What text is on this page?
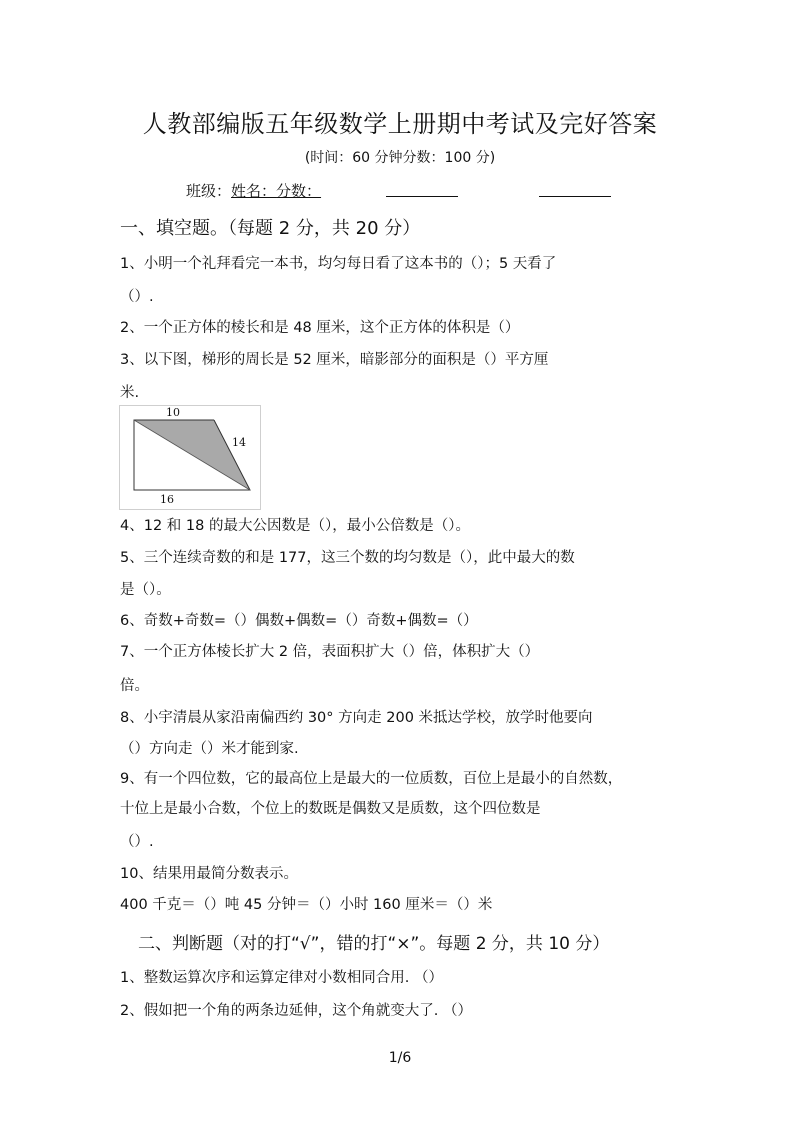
人教部编版五年级数学上册期中考试及完好答案
(时间：60 分钟分数：100 分)
班级：姓名：分数：
一、填空题。（每题 2 分，共 20 分）
1、小明一个礼拜看完一本书，均匀每日看了这本书的（）；5 天看了
（）.
2、一个正方体的棱长和是 48 厘米，这个正方体的体积是（）
3、以下图，梯形的周长是 52 厘米，暗影部分的面积是（）平方厘
米.
10
14
16
4、12 和 18 的最大公因数是（），最小公倍数是（）。
5、三个连续奇数的和是 177，这三个数的均匀数是（），此中最大的数
是（）。
6、奇数+奇数=（）偶数+偶数=（）奇数+偶数=（）
7、一个正方体棱长扩大 2 倍，表面积扩大（）倍，体积扩大（）
倍。
8、小宇清晨从家沿南偏西约 30° 方向走 200 米抵达学校，放学时他要向
（）方向走（）米才能到家.
9、有一个四位数，它的最高位上是最大的一位质数，百位上是最小的自然数，
十位上是最小合数，个位上的数既是偶数又是质数，这个四位数是
（）.
10、结果用最简分数表示。
400 千克＝（）吨 45 分钟＝（）小时 160 厘米＝（）米
二、判断题（对的打“√”，错的打“×”。每题 2 分，共 10 分）
1、整数运算次序和运算定律对小数相同合用. （）
2、假如把一个角的两条边延伸，这个角就变大了. （）
1/6
